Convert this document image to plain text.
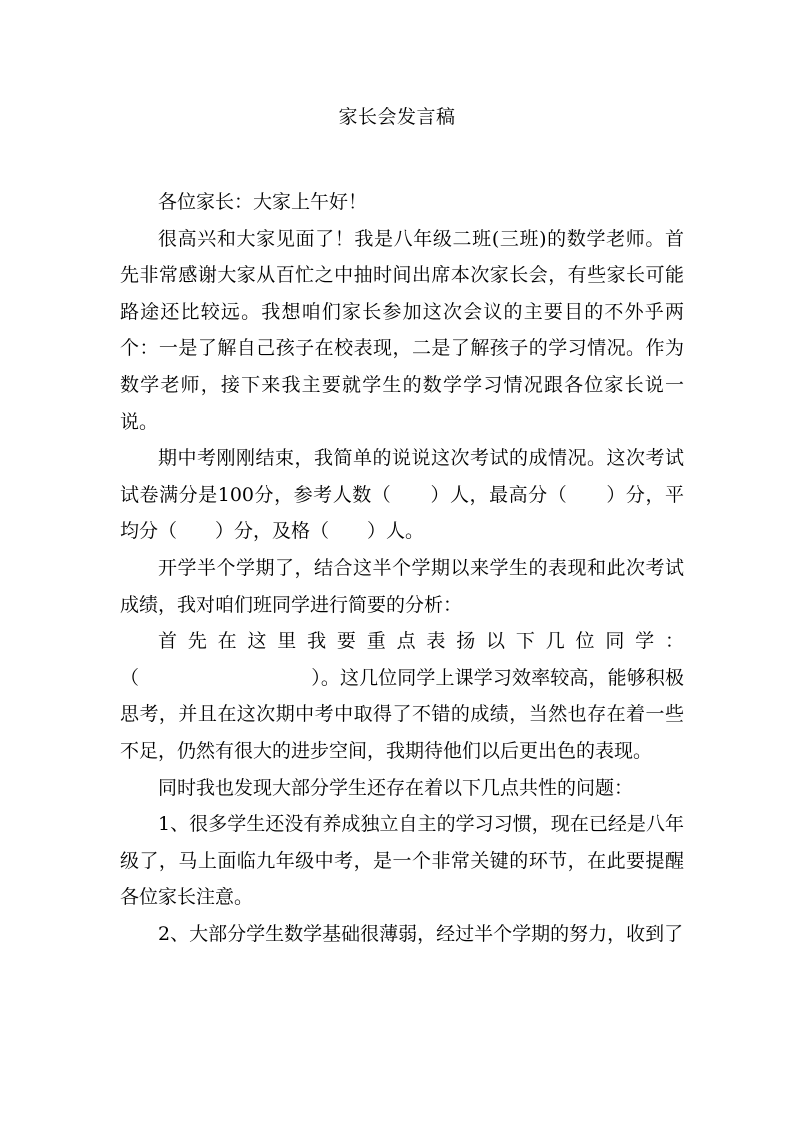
家长会发言稿

各位家长：大家上午好！

很高兴和大家见面了！我是八年级二班(三班)的数学老师。首先非常感谢大家从百忙之中抽时间出席本次家长会，有些家长可能路途还比较远。我想咱们家长参加这次会议的主要目的不外乎两个：一是了解自己孩子在校表现，二是了解孩子的学习情况。作为数学老师，接下来我主要就学生的数学学习情况跟各位家长说一说。

期中考刚刚结束，我简单的说说这次考试的成情况。这次考试试卷满分是100分，参考人数（　　）人，最高分（　　）分，平均分（　　）分，及格（　　）人。

开学半个学期了，结合这半个学期以来学生的表现和此次考试成绩，我对咱们班同学进行简要的分析：

首先在这里我要重点表扬以下几位同学：

（　　　　　　　　　）。这几位同学上课学习效率较高，能够积极思考，并且在这次期中考中取得了不错的成绩，当然也存在着一些不足，仍然有很大的进步空间，我期待他们以后更出色的表现。

同时我也发现大部分学生还存在着以下几点共性的问题：

1、很多学生还没有养成独立自主的学习习惯，现在已经是八年级了，马上面临九年级中考，是一个非常关键的环节，在此要提醒各位家长注意。

2、大部分学生数学基础很薄弱，经过半个学期的努力，收到了
